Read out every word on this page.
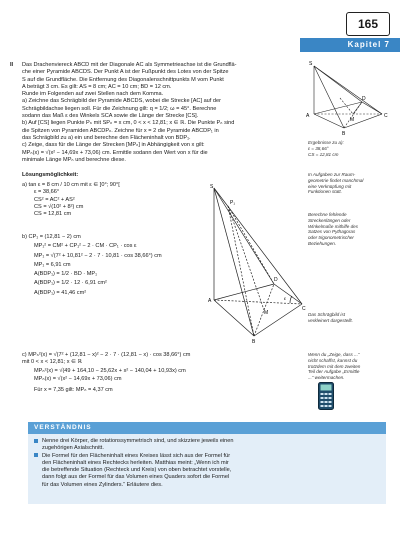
165
Kapitel 7
II Das Drachenviereck ABCD mit der Diagonale AC als Symmetrieachse ist die Grundflä-
che einer Pyramide ABCDS. Der Punkt A ist der Fußpunkt des Lotes von der Spitze
S auf die Grundfläche. Die Entfernung des Diagonalenschnittpunkts M vom Punkt
A beträgt 3 cm. Es gilt: AS = 8 cm; AC = 10 cm; BD = 12 cm.
Runde im Folgenden auf zwei Stellen nach dem Komma.
a) Zeichne das Schrägbild der Pyramide ABCDS, wobei die Strecke [AC] auf der
Schrägbildachse liegen soll. Für die Zeichnung gilt: q = 1/2; ω = 45°. Berechne
sodann das Maß ε des Winkels SCA sowie die Länge der Strecke [CS].
b) Auf [CS] liegen Punkte Pₙ mit SPₙ = x cm, 0 < x < 12,81; x ∈ ℝ. Die Punkte Pₙ sind
die Spitzen von Pyramiden ABCDPₙ. Zeichne für x = 2 die Pyramide ABCDP₁ in
das Schrägbild zu a) ein und berechne den Flächeninhalt von BDP₁.
c) Zeige, dass für die Länge der Strecken [MPₙ] in Abhängigkeit von x gilt:
MPₙ(x) = √(x² − 14,69x + 73,06) cm. Ermittle sodann den Wert von x für die
minimale Länge MPₙ und berechne diese.
Lösungsmöglichkeit:
a) tan ε = 8 cm / 10 cm mit ε ∈ ]0°; 90°[
ε = 38,66°
CS² = AC² + AS²
CS = √(10² + 8²) cm
CS = 12,81 cm
b) CP₁ = (12,81 − 2) cm
MP₁² = CM² + CP₁² − 2 · CM · CP₁ · cos ε
MP₁ = √(7² + 10,81² − 2 · 7 · 10,81 · cos 38,66°) cm
MP₁ = 6,91 cm
A(BDP₁) = 1/2 · BD · MP₁
A(BDP₁) = 1/2 · 12 · 6,91 cm²
A(BDP₁) = 41,46 cm²
c) MPₙ²(x) = √(7² + (12,81 − x)² − 2 · 7 · (12,81 − x) · cos 38,66°) cm
mit 0 < x < 12,81; x ∈ ℝ
MPₙ²(x) = √(49 + 164,10 − 25,62x + x² − 140,04 + 10,93x) cm
MPₙ(x) = √(x² − 14,69x + 73,06) cm
Für x = 7,35 gilt: MPₙ = 4,37 cm
Ergebnisse zu a):
ε = 38,66°
CS = 12,81 cm
In Aufgaben zur Raum-
geometrie findet manchmal
eine Verknüpfung mit
Funktionen statt.
Berechne fehlende
Streckenlängen oder
Winkelmaße mithilfe des
Satzes von Pythagoras
oder trigonometrischer
Beziehungen.
Das Schrägbild ist
verkleinert dargestellt.
Wenn du „Zeige, dass ...“
nicht schaffst, kannst du
trotzdem mit dem zweiten
Teil der Aufgabe „Ermittle
...“ weitermachen.
S
D
A
M
C
B
S
P₁
D
A
M
C
ε
B
VERSTÄNDNIS
Nenne drei Körper, die rotationssymmetrisch sind, und skizziere jeweils einen
zugehörigen Axialschnitt.
Die Formel für den Flächeninhalt eines Kreises lässt sich aus der Formel für
den Flächeninhalt eines Rechtecks herleiten. Matthias meint: „Wenn ich mir
die betreffende Situation (Rechteck und Kreis) von oben betrachtet vorstelle,
dann folgt aus der Formel für das Volumen eines Quaders sofort die Formel
für das Volumen eines Zylinders.“ Erläutere dies.
